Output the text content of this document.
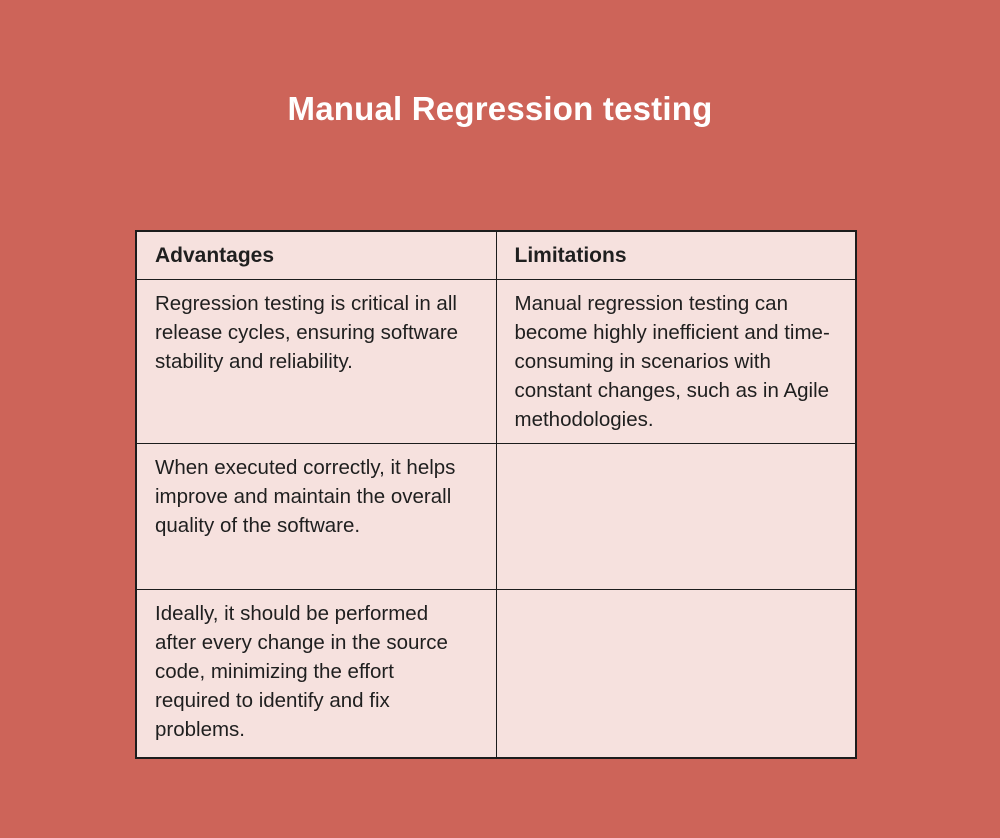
Manual Regression testing
Advantages	Limitations
Regression testing is critical in all release cycles, ensuring software stability and reliability.	Manual regression testing can become highly inefficient and time-consuming in scenarios with constant changes, such as in Agile methodologies.
When executed correctly, it helps improve and maintain the overall quality of the software.	
Ideally, it should be performed after every change in the source code, minimizing the effort required to identify and fix problems.	
